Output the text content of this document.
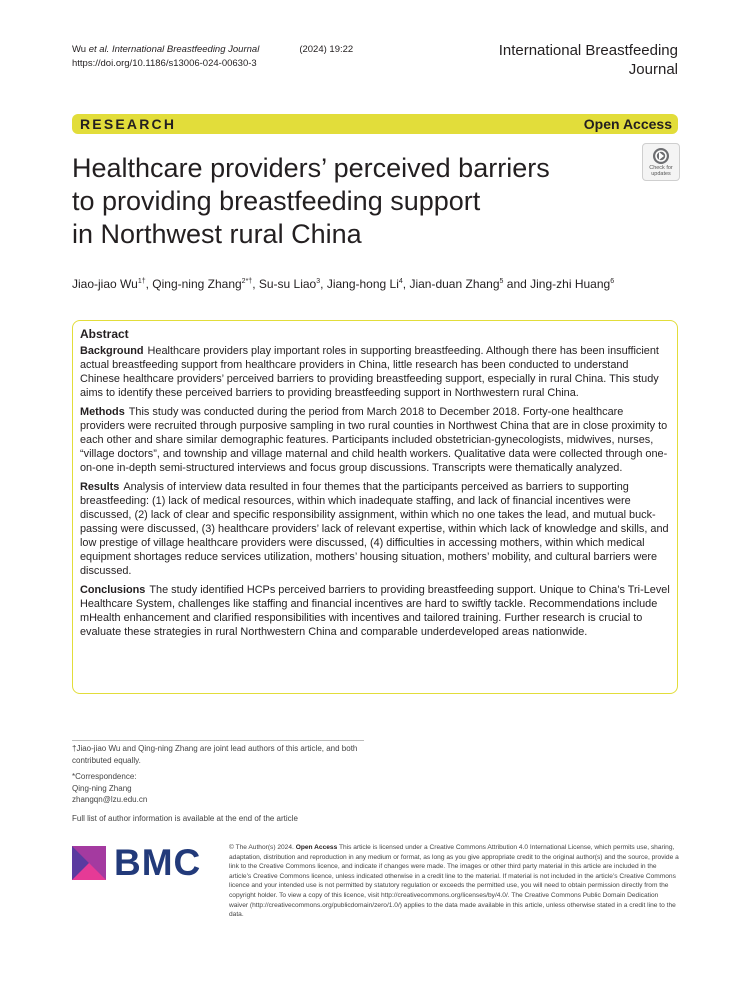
Wu et al. International Breastfeeding Journal	(2024) 19:22
https://doi.org/10.1186/s13006-024-00630-3
International Breastfeeding
Journal
RESEARCH	Open Access
Healthcare providers’ perceived barriers
to providing breastfeeding support
in Northwest rural China
Check for
updates
Jiao-jiao $Wu^{1\dagger}$, Qing-ning Zhang$^{2*\dagger}$, Su-su Liao$^3$, Jiang-hong Li$^4$, Jian-duan Zhang$^5$ and Jing-zhi Huang$^6$
Abstract

Background Healthcare providers play important roles in supporting breastfeeding. Although there has been insufficient actual breastfeeding support from healthcare providers in China, little research has been conducted to understand Chinese healthcare providers’ perceived barriers to providing breastfeeding support, especially in rural China. This study aims to identify these perceived barriers to providing breastfeeding support in Northwestern rural China.

Methods This study was conducted during the period from March 2018 to December 2018. Forty-one healthcare providers were recruited through purposive sampling in two rural counties in Northwest China that are in close proximity to each other and share similar demographic features. Participants included obstetrician-gynecologists, midwives, nurses, “village doctors”, and township and village maternal and child health workers. Qualitative data were collected through one-on-one in-depth semi-structured interviews and focus group discussions. Transcripts were thematically analyzed.

Results Analysis of interview data resulted in four themes that the participants perceived as barriers to supporting breastfeeding: (1) lack of medical resources, within which inadequate staffing, and lack of financial incentives were discussed, (2) lack of clear and specific responsibility assignment, within which no one takes the lead, and mutual buck-passing were discussed, (3) healthcare providers’ lack of relevant expertise, within which lack of knowledge and skills, and low prestige of village healthcare providers were discussed, (4) difficulties in accessing mothers, within which medical equipment shortages reduce services utilization, mothers’ housing situation, mothers’ mobility, and cultural barriers were discussed.

Conclusions The study identified HCPs perceived barriers to providing breastfeeding support. Unique to China’s Tri-Level Healthcare System, challenges like staffing and financial incentives are hard to swiftly tackle. Recommendations include mHealth enhancement and clarified responsibilities with incentives and tailored training. Further research is crucial to evaluate these strategies in rural Northwestern China and comparable underdeveloped areas nationwide.

†Jiao-jiao Wu and Qing-ning Zhang are joint lead authors of this article, and both contributed equally.
*Correspondence:
Qing-ning Zhang
zhangqn@lzu.edu.cn
Full list of author information is available at the end of the article
BMC	© The Author(s) 2024. Open Access This article is licensed under a Creative Commons Attribution 4.0 International License, which permits use, sharing, adaptation, distribution and reproduction in any medium or format, as long as you give appropriate credit to the original author(s) and the source, provide a link to the Creative Commons licence, and indicate if changes were made. The images or other third party material in this article are included in the article’s Creative Commons licence, unless indicated otherwise in a credit line to the material. If material is not included in the article’s Creative Commons licence and your intended use is not permitted by statutory regulation or exceeds the permitted use, you will need to obtain permission directly from the copyright holder. To view a copy of this licence, visit http://creativecommons.org/licenses/by/4.0/. The Creative Commons Public Domain Dedication waiver (http://creativecommons.org/publicdomain/zero/1.0/) applies to the data made available in this article, unless otherwise stated in a credit line to the data.
